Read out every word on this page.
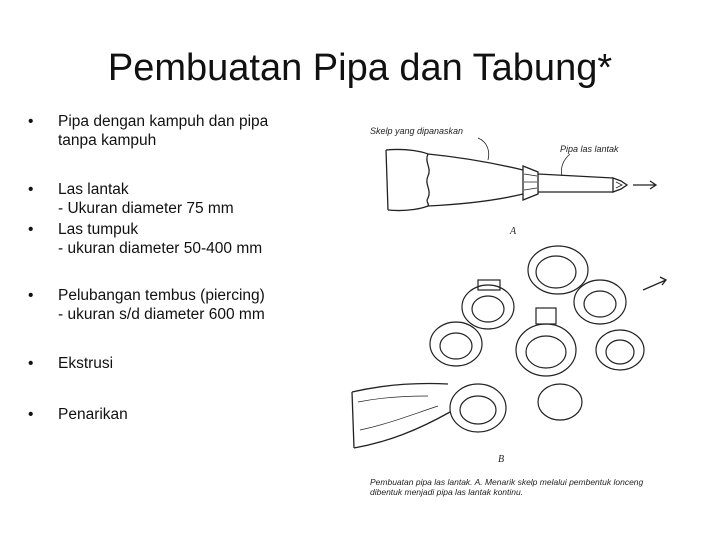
Pembuatan Pipa dan Tabung*
• Pipa dengan kampuh dan pipa
tanpa kampuh
• Las lantak
- Ukuran diameter 75 mm
• Las tumpuk
- ukuran diameter 50-400 mm
• Pelubangan tembus (piercing)
- ukuran s/d diameter 600 mm
• Ekstrusi
• Penarikan
Skelp yang dipanaskan
Pipa las lantak
A
B
Pembuatan pipa las lantak. A. Menarik skelp melalui pembentuk lonceng
dibentuk menjadi pipa las lantak kontinu.
